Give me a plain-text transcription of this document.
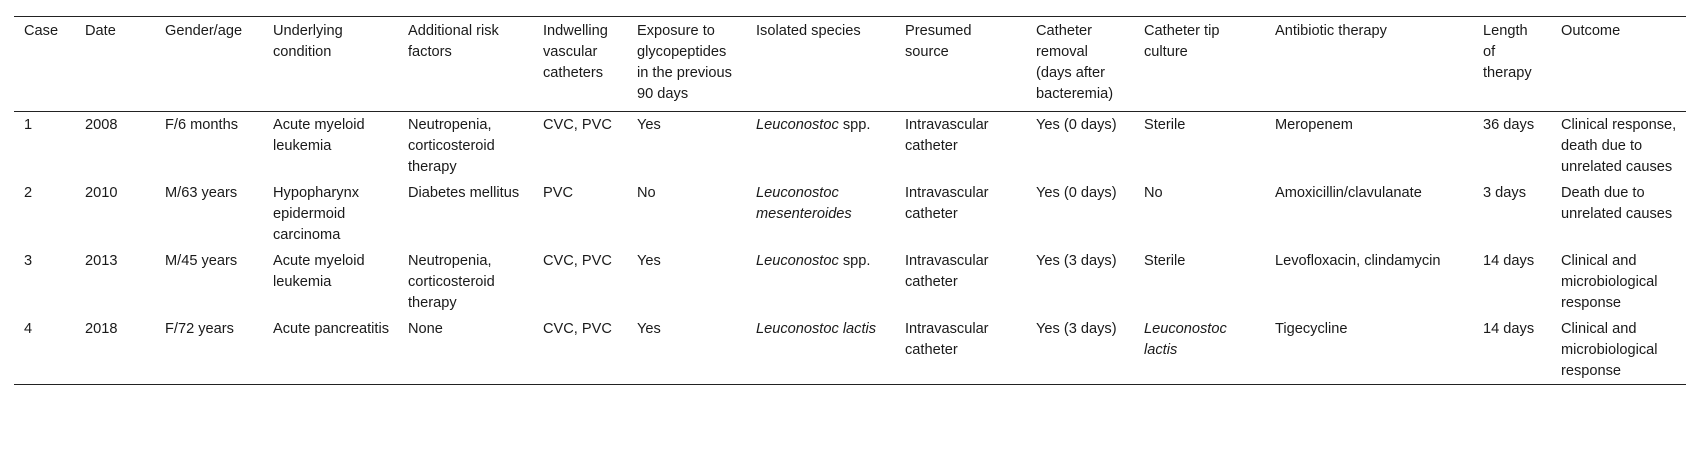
Case	Date	Gender/age	Underlying condition	Additional risk factors	Indwelling vascular catheters	Exposure to glycopeptides in the previous 90 days	Isolated species	Presumed source	Catheter removal (days after bacteremia)	Catheter tip culture	Antibiotic therapy	Length of therapy	Outcome
1	2008	F/6 months	Acute myeloid leukemia	Neutropenia, corticosteroid therapy	CVC, PVC	Yes	Leuconostoc spp.	Intravascular catheter	Yes (0 days)	Sterile	Meropenem	36 days	Clinical response, death due to unrelated causes
2	2010	M/63 years	Hypopharynx epidermoid carcinoma	Diabetes mellitus	PVC	No	Leuconostoc mesenteroides	Intravascular catheter	Yes (0 days)	No	Amoxicillin/clavulanate	3 days	Death due to unrelated causes
3	2013	M/45 years	Acute myeloid leukemia	Neutropenia, corticosteroid therapy	CVC, PVC	Yes	Leuconostoc spp.	Intravascular catheter	Yes (3 days)	Sterile	Levofloxacin, clindamycin	14 days	Clinical and microbiological response
4	2018	F/72 years	Acute pancreatitis	None	CVC, PVC	Yes	Leuconostoc lactis	Intravascular catheter	Yes (3 days)	Leuconostoc lactis	Tigecycline	14 days	Clinical and microbiological response
